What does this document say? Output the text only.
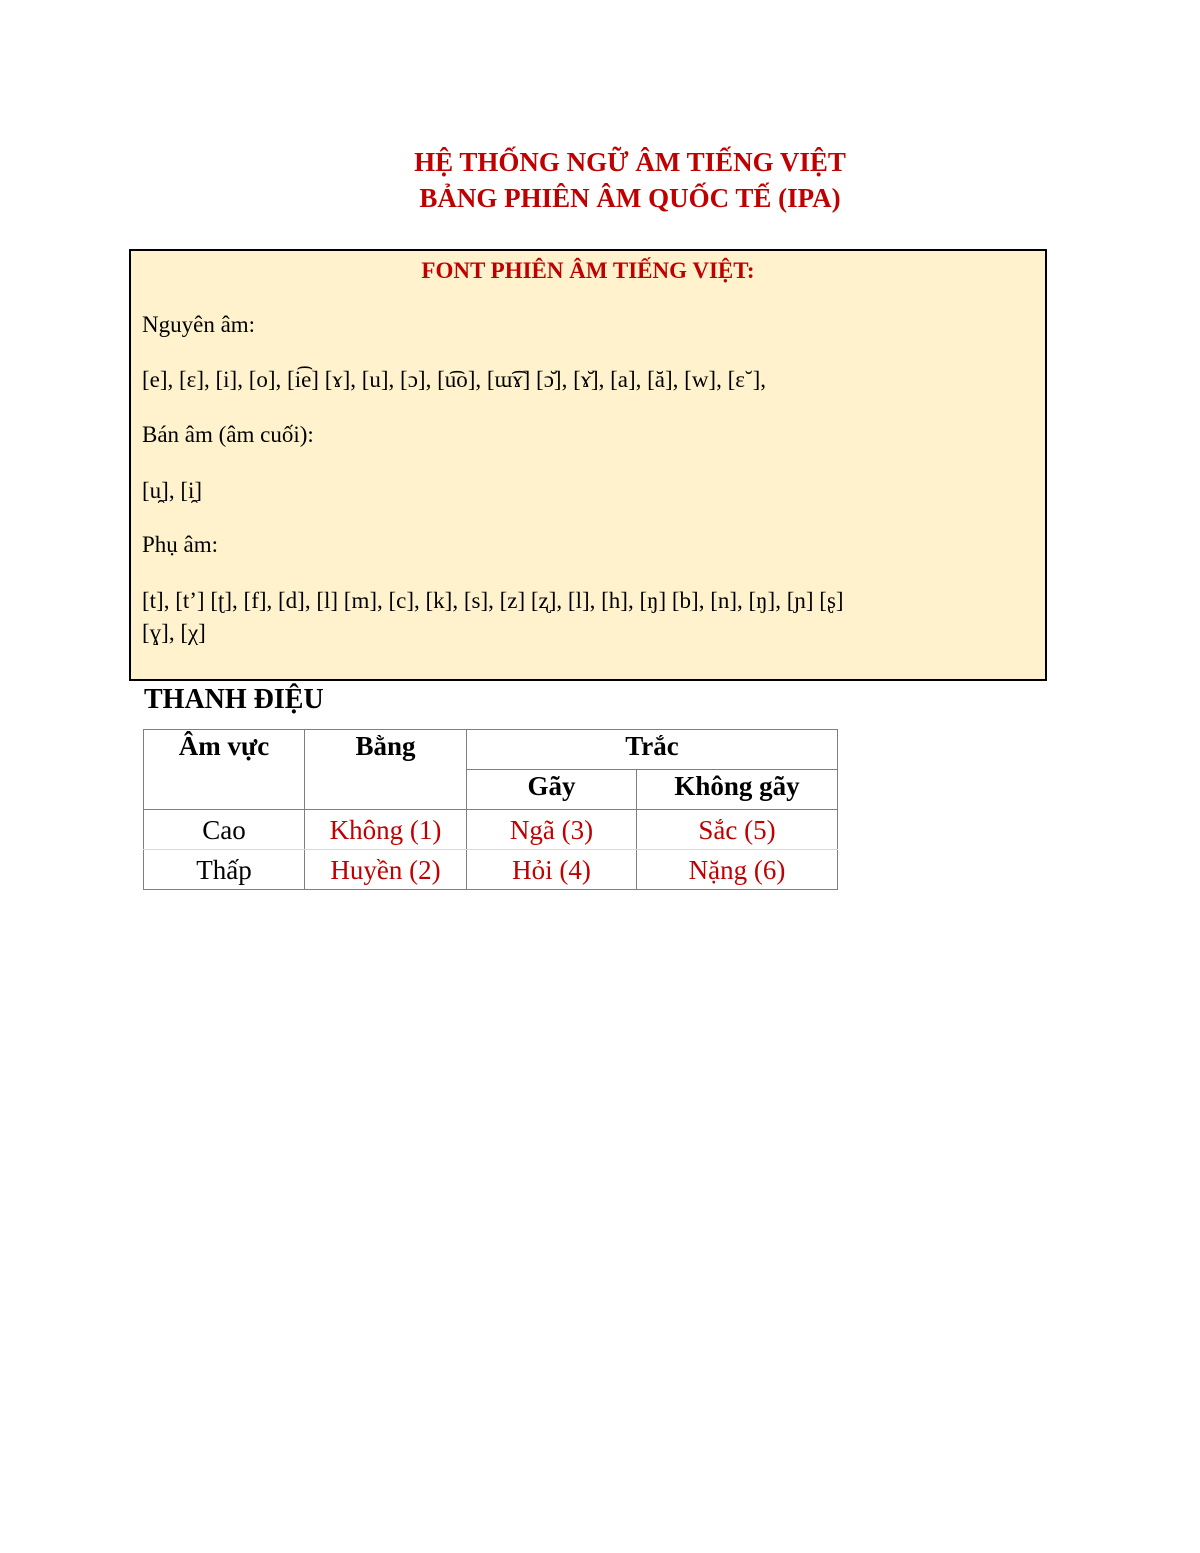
HỆ THỐNG NGỮ ÂM TIẾNG VIỆT
BẢNG PHIÊN ÂM QUỐC TẾ (IPA)
FONT PHIÊN ÂM TIẾNG VIỆT:
Nguyên âm:
[e], [ɛ], [i], [o], [i͡e] [ɤ], [u], [ɔ], [u͡o], [ɯ͡ɤ] [ɔ̆], [ɤ̆], [a], [ă], [w], [ɛ˘],
Bán âm (âm cuối):
[u̯], [i̯]
Phụ âm:
[t], [t’] [ʈ], [f], [d], [l] [m], [c], [k], [s], [z] [ʐ], [l], [h], [ŋ] [b], [n], [ŋ], [ɲ] [ʂ]
[ɣ], [χ]
THANH ĐIỆU
Âm vực	Bằng	Trắc	
		Gãy	Không gãy
Cao	Không (1)	Ngã (3)	Sắc (5)
Thấp	Huyền (2)	Hỏi (4)	Nặng (6)
